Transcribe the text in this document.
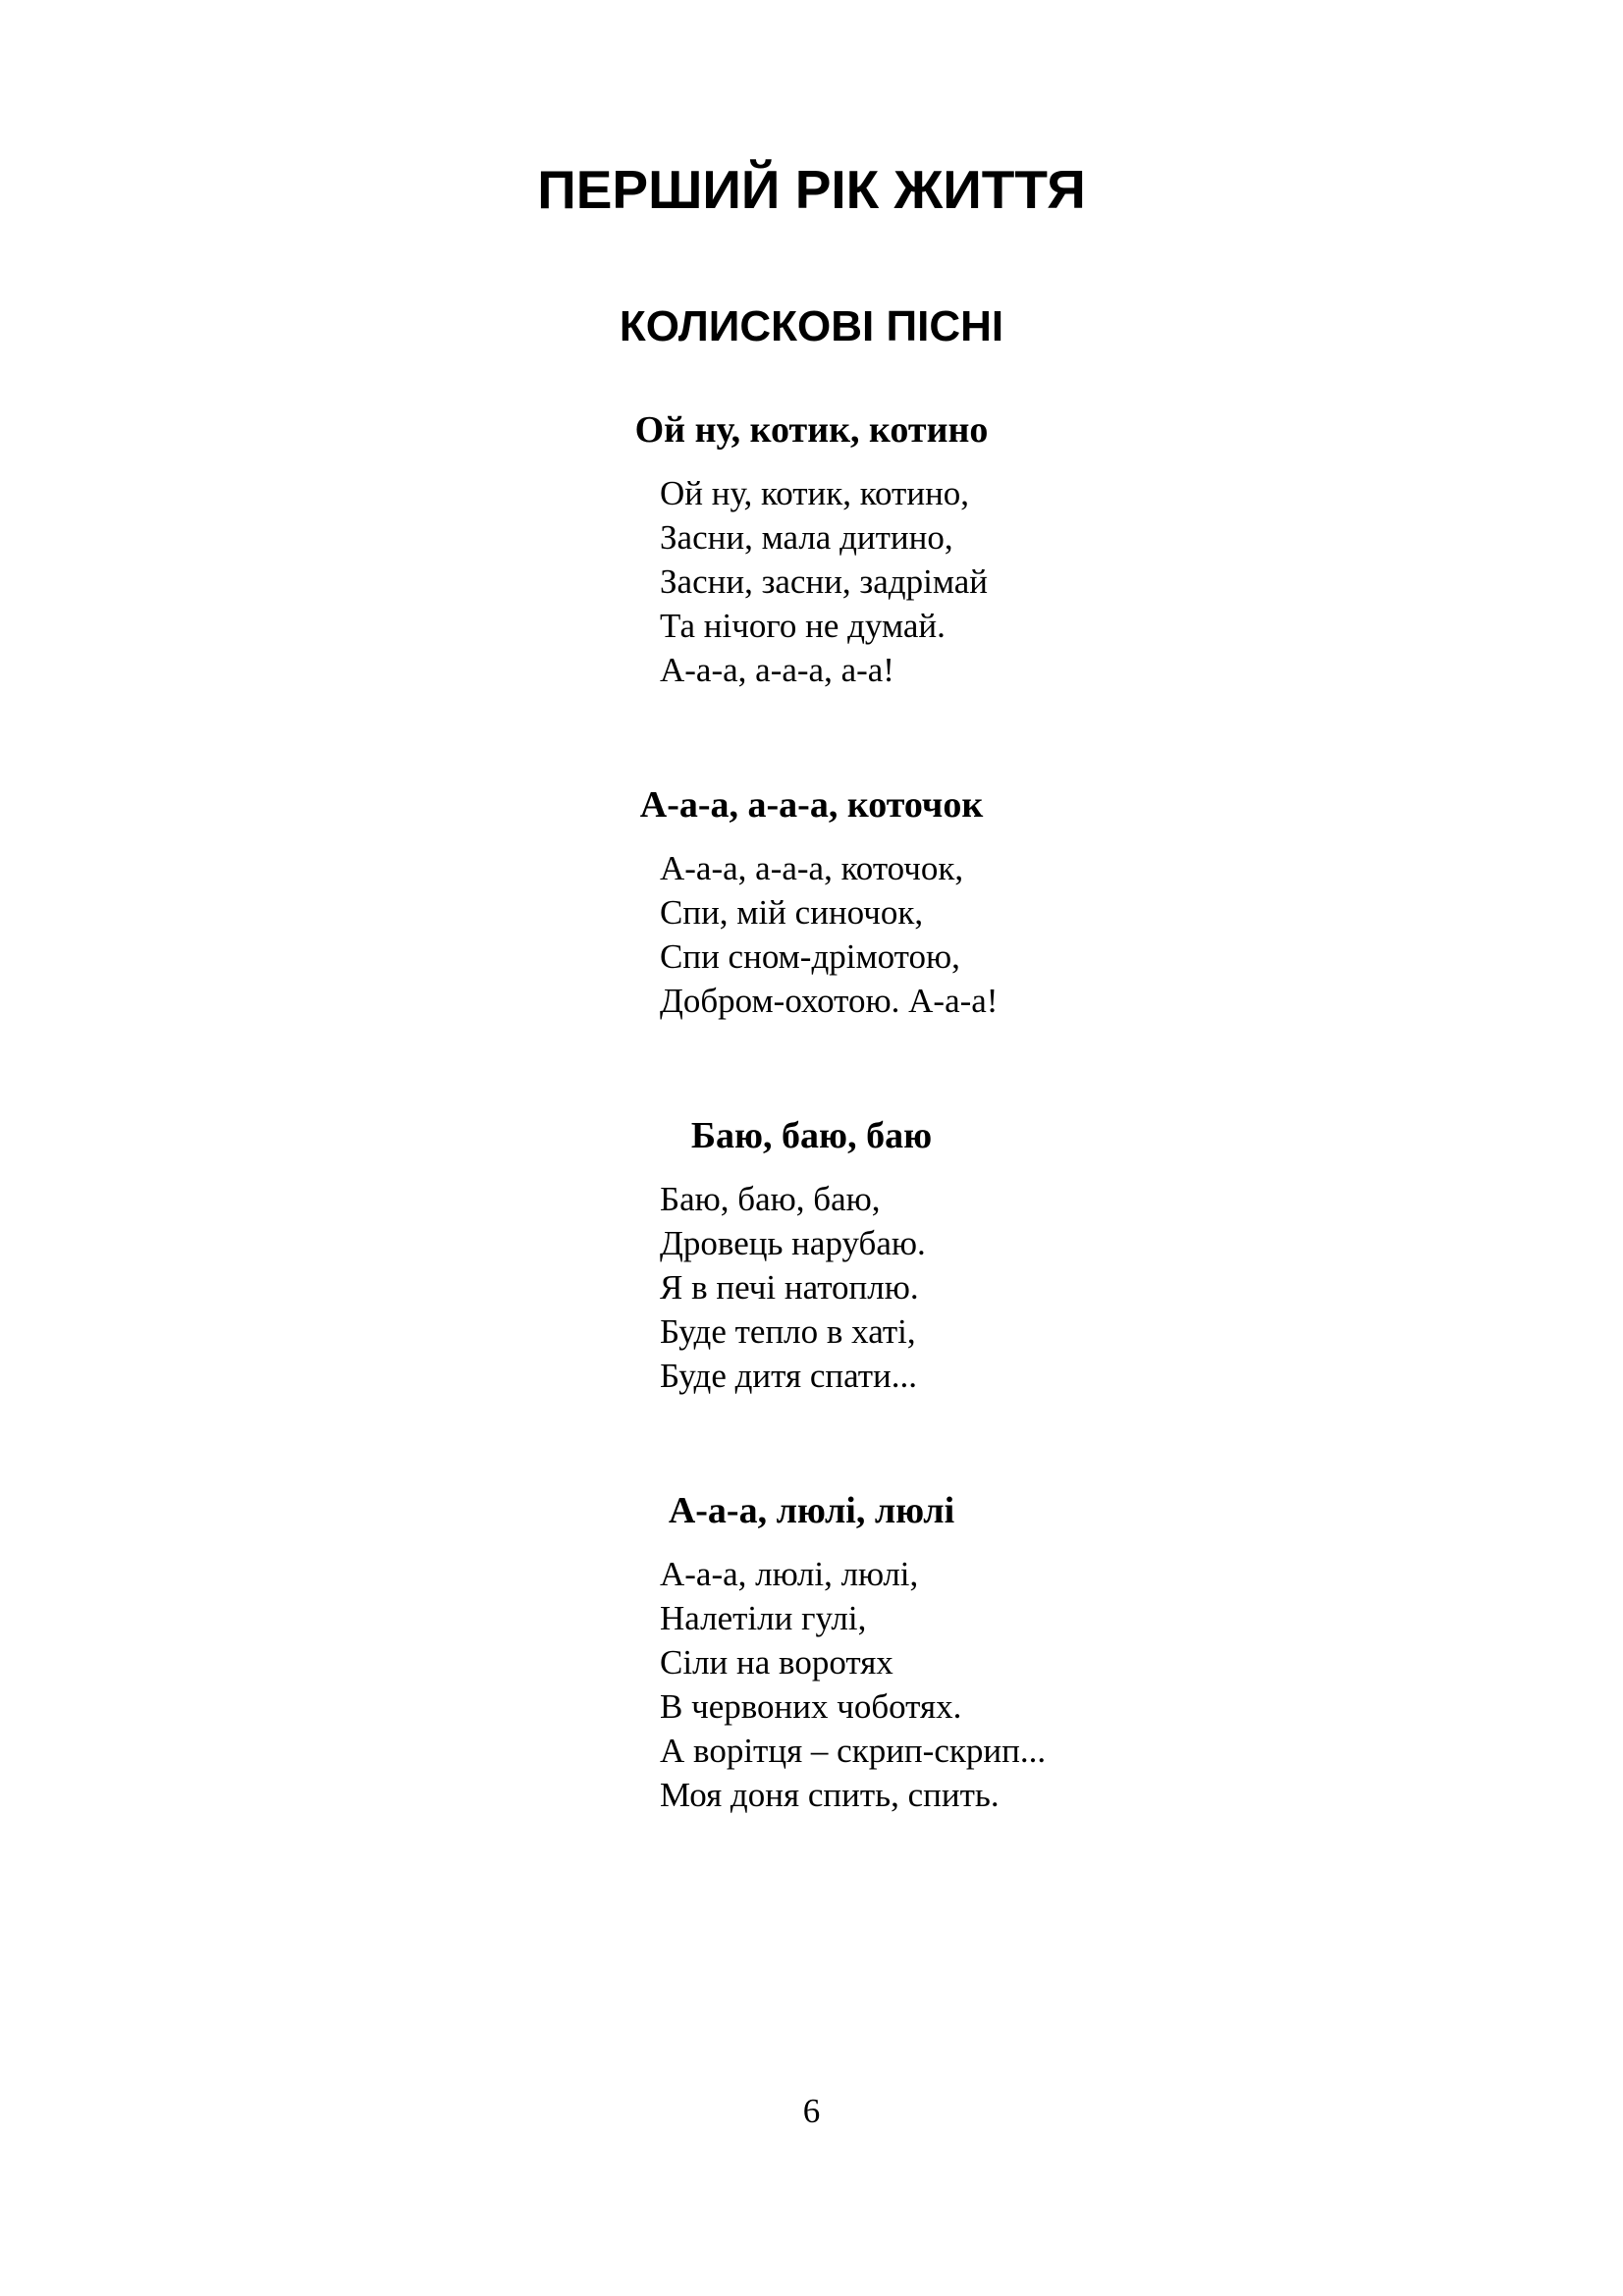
ПЕРШИЙ РІК ЖИТТЯ
КОЛИСКОВІ ПІСНІ
Ой ну, котик, котино
Ой ну, котик, котино,
Засни, мала дитино,
Засни, засни, задрімай
Та нічого не думай.
А-а-а, а-а-а, а-а!
А-а-а, а-а-а, коточок
А-а-а, а-а-а, коточок,
Спи, мій синочок,
Спи сном-дрімотою,
Добром-охотою. А-а-а!
Баю, баю, баю
Баю, баю, баю,
Дровець нарубаю.
Я в печі натоплю.
Буде тепло в хаті,
Буде дитя спати...
А-а-а, люлі, люлі
А-а-а, люлі, люлі,
Налетіли гулі,
Сіли на воротях
В червоних чоботях.
А ворітця – скрип-скрип...
Моя доня спить, спить.
6
